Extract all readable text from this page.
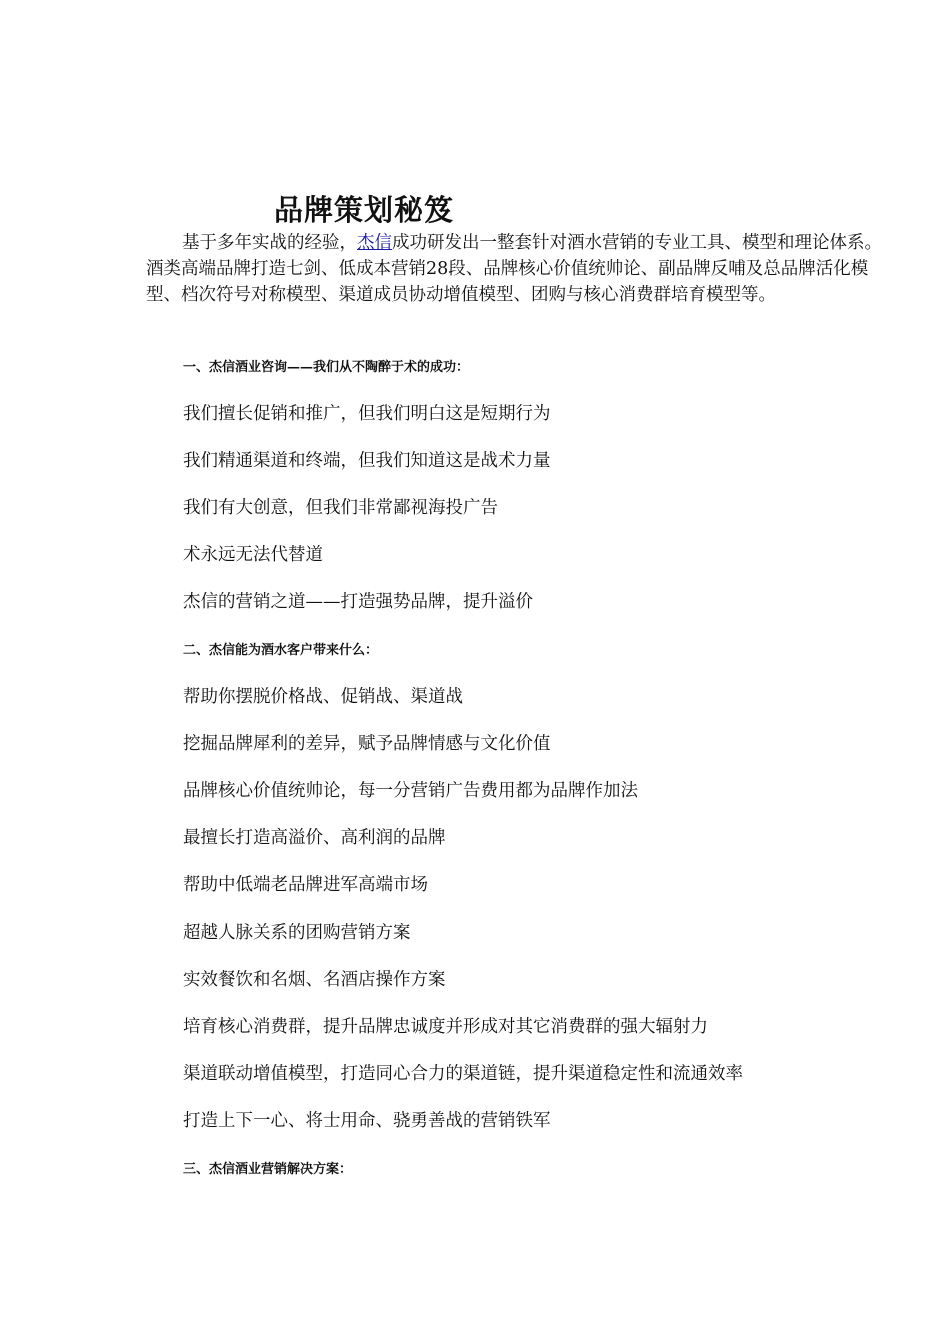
品牌策划秘笈
基于多年实战的经验，杰信成功研发出一整套针对酒水营销的专业工具、模型和理论体系。酒类高端品牌打造七剑、低成本营销28段、品牌核心价值统帅论、副品牌反哺及总品牌活化模型、档次符号对称模型、渠道成员协动增值模型、团购与核心消费群培育模型等。
一、杰信酒业咨询——我们从不陶醉于术的成功：
我们擅长促销和推广，但我们明白这是短期行为
我们精通渠道和终端，但我们知道这是战术力量
我们有大创意，但我们非常鄙视海投广告
术永远无法代替道
杰信的营销之道——打造强势品牌，提升溢价
二、杰信能为酒水客户带来什么：
帮助你摆脱价格战、促销战、渠道战
挖掘品牌犀利的差异，赋予品牌情感与文化价值
品牌核心价值统帅论，每一分营销广告费用都为品牌作加法
最擅长打造高溢价、高利润的品牌
帮助中低端老品牌进军高端市场
超越人脉关系的团购营销方案
实效餐饮和名烟、名酒店操作方案
培育核心消费群，提升品牌忠诚度并形成对其它消费群的强大辐射力
渠道联动增值模型，打造同心合力的渠道链，提升渠道稳定性和流通效率
打造上下一心、将士用命、骁勇善战的营销铁军
三、杰信酒业营销解决方案：
